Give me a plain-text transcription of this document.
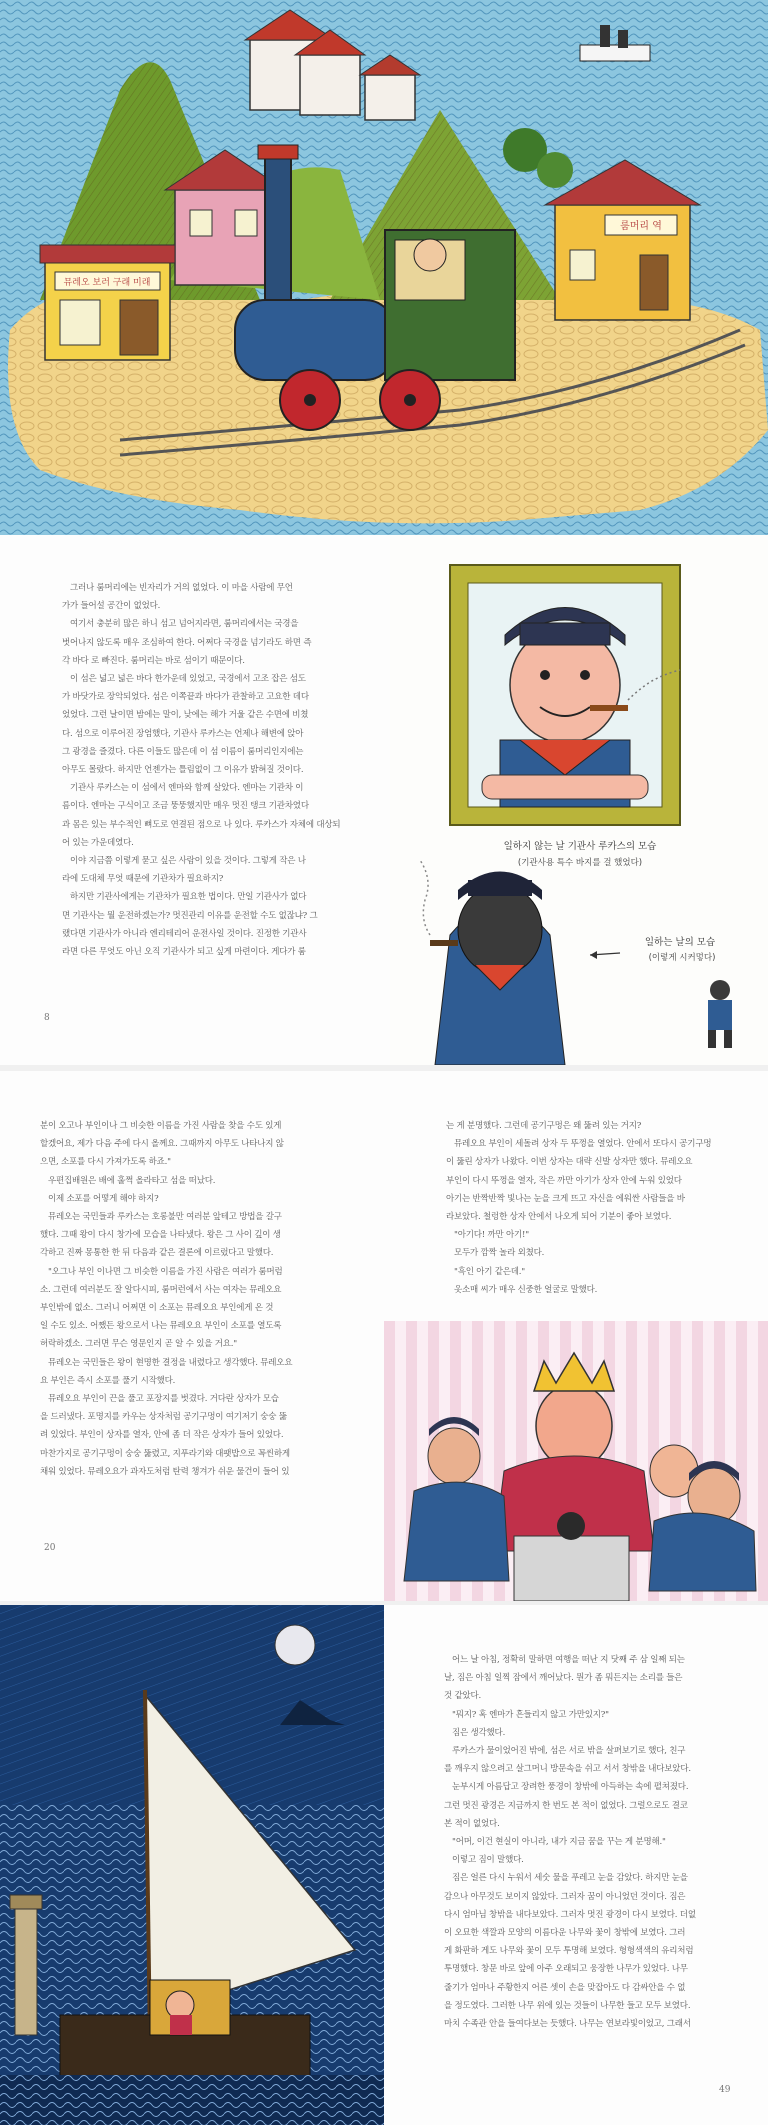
뮤레오 보러 구래 미래
룸머리 역

그러나 룸머리에는 빈자리가 거의 없었다. 이 마을 사람에 무언

가가 들어설 공간이 없었다.

여기서 충분히 많은 하니 섬고 넘어지라면, 룸머리에서는 국경을

벗어나지 않도록 매우 조심하여 한다. 어쩌다 국경을 넘기라도 하면 즉

각 바다 로 빠진다. 룸머리는 바로 섬이기 때문이다.

이 섬은 넓고 넓은 바다 한가운데 있었고, 국경에서 고조 잡은 섬도

가 바닷가로 장악되었다. 섬은 이쪽끝과 바다가 관찰하고 고요한 데다

었었다. 그런 날이면 밤에는 말이, 낮에는 해가 거울 같은 수면에 비쳤

다. 섬으로 이루어진 장엄했다, 기관사 루카스는 언제나 해변에 앉아

그 광경을 즐겼다. 다른 이들도 많은데 이 섬 이름이 룸머리인지에는

아무도 몰랐다. 하지만 언젠가는 틀림없이 그 이유가 밝혀질 것이다.

기관사 루카스는 이 섬에서 엔마와 함께 살았다. 엔마는 기관차 이

름이다. 엔마는 구식이고 조금 뚱뚱했지만 매우 멋진 탱크 기관차였다

과 몸은 있는 부수적인 뼈도로 연결된 점으로 나 있다. 루카스가 자체에 대상되

어 있는 가운데였다.

이야 지금쯤 이렇게 묻고 싶은 사람이 있을 것이다. 그렇게 작은 나

라에 도대체 무엇 때문에 기관차가 필요하지?

하지만 기관사에게는 기관차가 필요한 법이다. 만일 기관사가 없다

면 기관사는 뭘 운전하겠는가? 멋진관리 이유를 운전할 수도 없잖냐? 그

랬다면 기관사가 아니라 엔리테리어 운전사일 것이다. 진정한 기관사

라면 다른 무엇도 아닌 오직 기관사가 되고 싶게 마련이다. 게다가 룸

8
일하지 않는 날 기관사 루카스의 모습
(기관사용 특수 바지를 걸 했었다)
일하는 날의 모습
(이렇게 시커멓다)

분이 오고나 부인이나 그 비슷한 이름을 가진 사람을 찾을 수도 있게

할겠어요, 제가 다음 주에 다시 올께요. 그때까지 아무도 나타나지 않

으면, 소포를 다시 가져가도록 하죠."

우편집배원은 배에 훌쩍 올라타고 섬을 떠났다.

이제 소포를 어떻게 해야 하지?

뮤레오는 국민들과 루카스는 호롱불만 여러분 앞테고 방법을 갈구

했다. 그때 왕이 다시 창가에 모습을 나타냈다. 왕은 그 사이 깊이 생

각하고 진짜 몽통한 한 뒤 다음과 같은 결론에 이르렀다고 말했다.

"오그나 부인 이나면 그 비슷한 이름을 가진 사람은 여러가 룸머럼

소. 그런데 여러분도 잘 알다시피, 룸머런에서 사는 여자는 뮤레오요

부인밖에 없소. 그러니 어쩌면 이 소포는 뮤레오요 부인에게 온 것

일 수도 있소. 어쨌든 왕으로서 나는 뮤레오요 부인이 소포를 열도록

허락하겠소. 그러면 무슨 영문인지 곧 알 수 있을 거요."

뮤레오는 국민들은 왕이 현명한 결정을 내렸다고 생각했다. 뮤레오요

요 부인은 즉시 소포를 풀기 시작했다.

뮤레오요 부인이 끈을 풀고 포장지를 벗겼다. 거다란 상자가 모습

을 드러냈다. 포명지를 카우는 상자처럼 공기구멍이 여기저기 숭숭 뚫

려 있었다. 부인이 상자를 열자, 안에 좀 더 작은 상자가 들어 있었다.

마찬가지로 공기구멍이 숭숭 뚫렸고, 지푸라기와 대팻밥으로 꼭씬하게

채워 있었다. 뮤레오요가 과자도처럼 탄력 챙겨가 쉬운 물건이 들어 있

20

는 게 분명했다. 그런데 공기구멍은 왜 뚫려 있는 거지?

뮤레오요 부인이 세돌려 상자 두 뚜껑을 열었다. 안에서 또다시 공기구멍

이 뚫린 상자가 나왔다. 이번 상자는 대략 신발 상자만 했다. 뮤레오요

부인이 다시 뚜껑을 열자, 작은 까만 아기가 상자 안에 누워 있었다

아기는 반짝반짝 빛나는 눈을 크게 뜨고 자신을 에워싼 사람들을 바

라보았다. 철렁한 상자 안에서 나오게 되어 기분이 좋아 보였다.

"아기다! 까만 아기!"

모두가 깜짝 놀라 외쳤다.

"흑인 아기 같은데."

옷소매 씨가 매우 신중한 얼굴로 말했다.

어느 날 아침, 정확히 말하면 여행을 떠난 지 닷째 주 삼 일째 되는

날, 짐은 아침 일찍 잠에서 깨어났다. 뭔가 좀 뭐든지는 소리를 들은

것 같았다.

"뭐지? 혹 엔마가 흔들리지 않고 가만있지?"

짐은 생각했다.

루카스가 물이었어진 밖에, 섬은 서로 밖을 살펴보기로 했다, 친구

를 깨우지 않으려고 살그머니 방문속을 쉬고 서서 창밖을 내다보았다.

눈부시게 아름답고 장려한 풍경이 창밖에 아득하는 속에 펼쳐졌다.

그런 멋진 광경은 지금까지 한 번도 본 적이 없었다. 그럴으로도 결코

본 적이 없었다.

"어머, 이건 현실이 아니라, 내가 지금 꿈을 꾸는 게 분명해."

이렇고 짐이 말했다.

짐은 얼른 다시 누워서 세숫 물을 푸레고 눈을 감았다. 하지만 눈을

감으나 아무것도 보이지 않았다. 그러자 꿈이 아니었던 것이다. 짐은

다시 엄마님 창밖을 내다보았다. 그러자 멋진 광경이 다시 보였다. 더없

이 오묘한 색깔과 모양의 이름다운 나무와 꽃이 창밖에 보였다. 그러

게 화판하 게도 나무와 꽃이 모두 투명해 보였다. 형형색색의 유리처럼

투명했다. 창문 바로 앞에 아주 오래되고 웅장한 나무가 있었다. 나무

줄기가 엄마나 주황한지 어른 셋이 손을 맞잡아도 다 감싸안을 수 없

을 정도였다. 그러한 나무 위에 있는 것들이 나무한 들고 모두 보였다.

마치 수족관 안을 들여다보는 듯했다. 나무는 연보라빛이었고, 그래서

49
